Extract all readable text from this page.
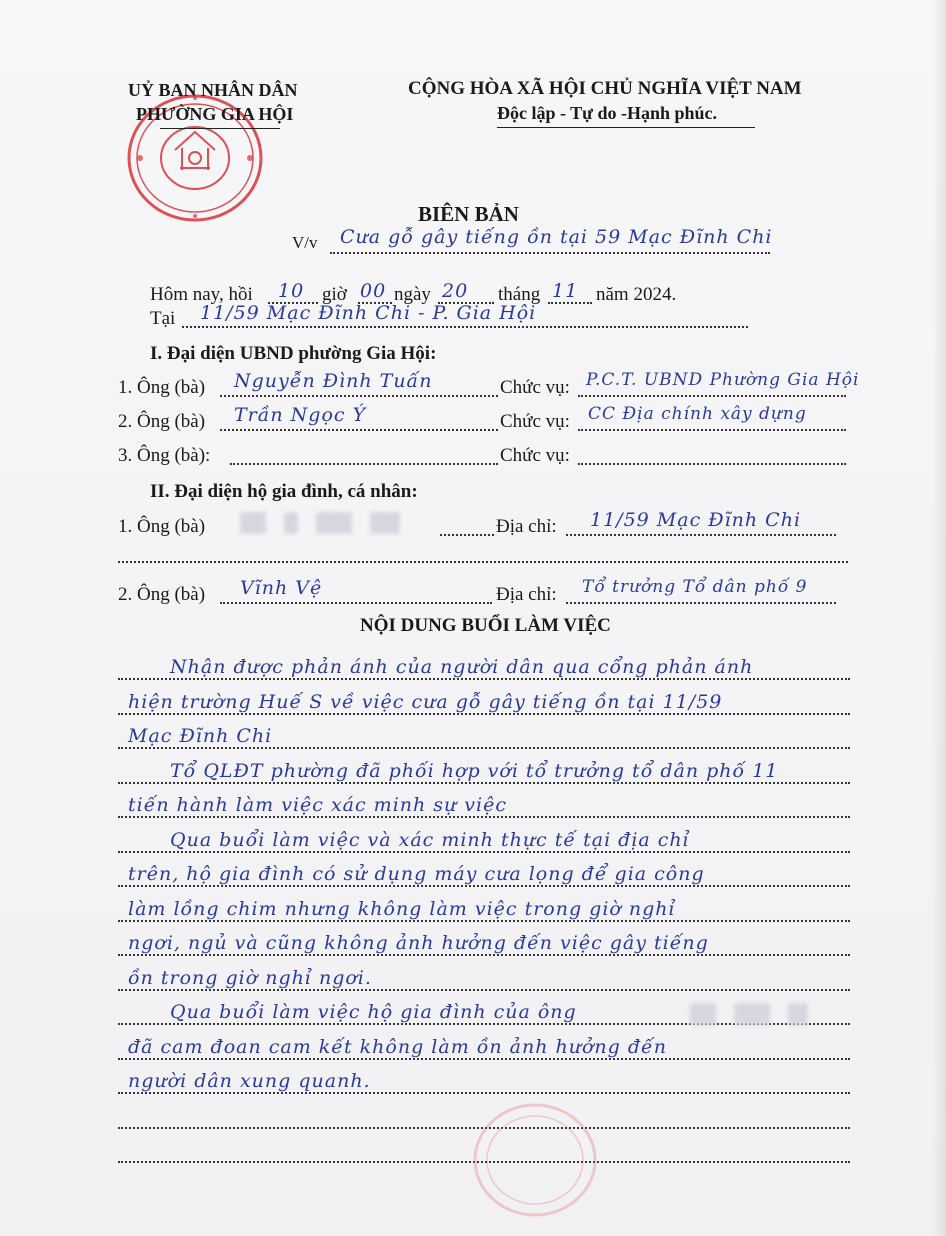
UỶ BAN NHÂN DÂN
PHƯỜNG GIA HỘI
CỘNG HÒA XÃ HỘI CHỦ NGHĨA VIỆT NAM
Độc lập - Tự do -Hạnh phúc.
BIÊN BẢN
V/v Cưa gỗ gây tiếng ồn tại 59 Mạc Đĩnh Chi
Hôm nay, hồi 10 giờ 00 ngày 20 tháng 11 năm 2024.
Tại 11/59 Mạc Đĩnh Chi - P. Gia Hội
I. Đại diện UBND phường Gia Hội:
1. Ông (bà) Nguyễn Đình Tuấn	Chức vụ: P.C.T. UBND Phường Gia Hội
2. Ông (bà) Trần Ngọc Ý	Chức vụ: CC Địa chính xây dựng
3. Ông (bà):	Chức vụ:
II. Đại diện hộ gia đình, cá nhân:
1. Ông (bà)	Địa chỉ: 11/59 Mạc Đĩnh Chi
2. Ông (bà) Vĩnh Vệ	Địa chỉ: Tổ trưởng Tổ dân phố 9
NỘI DUNG BUỔI LÀM VIỆC
Nhận được phản ánh của người dân qua cổng phản ánh
hiện trường Huế S về việc cưa gỗ gây tiếng ồn tại 11/59
Mạc Đĩnh Chi
Tổ QLĐT phường đã phối hợp với tổ trưởng tổ dân phố 11
tiến hành làm việc xác minh sự việc
Qua buổi làm việc và xác minh thực tế tại địa chỉ
trên, hộ gia đình có sử dụng máy cưa lọng để gia công
làm lồng chim nhưng không làm việc trong giờ nghỉ
ngơi, ngủ và cũng không ảnh hưởng đến việc gây tiếng
ồn trong giờ nghỉ ngơi.
Qua buổi làm việc hộ gia đình của ông
đã cam đoan cam kết không làm ồn ảnh hưởng đến
người dân xung quanh.
